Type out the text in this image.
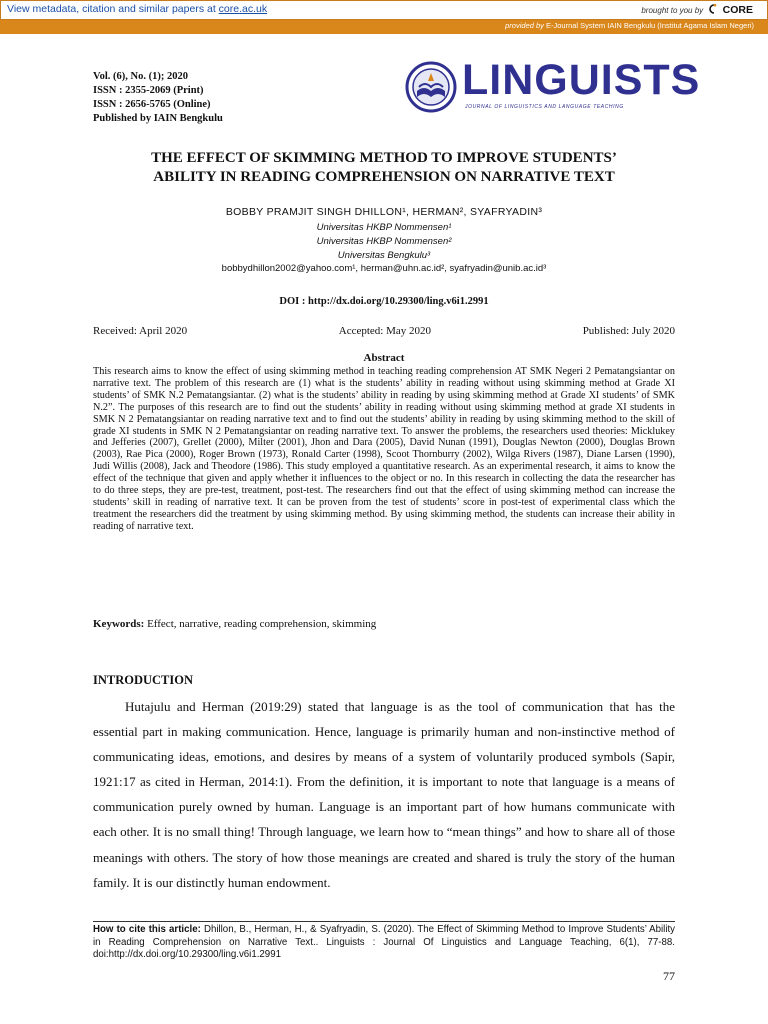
View metadata, citation and similar papers at core.ac.uk	brought to you by CORE
provided by E-Journal System IAIN Bengkulu (Institut Agama Islam Negeri)
Vol. (6), No. (1); 2020
ISSN : 2355-2069 (Print)
ISSN : 2656-5765 (Online)
Published by IAIN Bengkulu
LINGUISTS
JOURNAL OF LINGUISTICS AND LANGUAGE TEACHING
THE EFFECT OF SKIMMING METHOD TO IMPROVE STUDENTS’
ABILITY IN READING COMPREHENSION ON NARRATIVE TEXT
BOBBY PRAMJIT SINGH DHILLON¹, HERMAN², SYAFRYADIN³
Universitas HKBP Nommensen¹
Universitas HKBP Nommensen²
Universitas Bengkulu³
bobbydhillon2002@yahoo.com¹, herman@uhn.ac.id², syafryadin@unib.ac.id³
DOI : http://dx.doi.org/10.29300/ling.v6i1.2991
Received: April 2020	Accepted: May 2020	Published: July 2020
Abstract
This research aims to know the effect of using skimming method in teaching reading comprehension AT SMK Negeri 2 Pematangsiantar on narrative text. The problem of this research are (1) what is the students’ ability in reading without using skimming method at Grade XI students’ of SMK N.2 Pematangsiantar. (2) what is the students’ ability in reading by using skimming method at Grade XI students’ of SMK N.2”. The purposes of this research are to find out the students’ ability in reading without using skimming method at grade XI students in SMK N 2 Pematangsiantar on reading narrative text and to find out the students’ ability in reading by using skimming method to the skill of grade XI students in SMK N 2 Pematangsiantar on reading narrative text. To answer the problems, the researchers used theories: Micklukey and Jefferies (2007), Grellet (2000), Milter (2001), Jhon and Dara (2005), David Nunan (1991), Douglas Newton (2000), Douglas Brown (2003), Rae Pica (2000), Roger Brown (1973), Ronald Carter (1998), Scoot Thornburry (2002), Wilga Rivers (1987), Diane Larsen (1990), Judi Willis (2008), Jack and Theodore (1986). This study employed a quantitative research. As an experimental research, it aims to know the effect of the technique that given and apply whether it influences to the object or no. In this research in collecting the data the researcher has to do three steps, they are pre-test, treatment, post-test. The researchers find out that the effect of using skimming method can increase the students’ skill in reading of narrative text. It can be proven from the test of students’ score in post-test of experimental class which the treatment the researchers did the treatment by using skimming method. By using skimming method, the students can increase their ability in reading of narrative text.
Keywords: Effect, narrative, reading comprehension, skimming
INTRODUCTION
Hutajulu and Herman (2019:29) stated that language is as the tool of communication that has the essential part in making communication. Hence, language is primarily human and non-instinctive method of communicating ideas, emotions, and desires by means of a system of voluntarily produced symbols (Sapir, 1921:17 as cited in Herman, 2014:1). From the definition, it is important to note that language is a means of communication purely owned by human. Language is an important part of how humans communicate with each other. It is no small thing! Through language, we learn how to “mean things” and how to share all of those meanings with others. The story of how those meanings are created and shared is truly the story of the human family. It is our distinctly human endowment.
How to cite this article: Dhillon, B., Herman, H., & Syafryadin, S. (2020). The Effect of Skimming Method to Improve Students’ Ability in Reading Comprehension on Narrative Text.. Linguists : Journal Of Linguistics and Language Teaching, 6(1), 77-88. doi:http://dx.doi.org/10.29300/ling.v6i1.2991
77
